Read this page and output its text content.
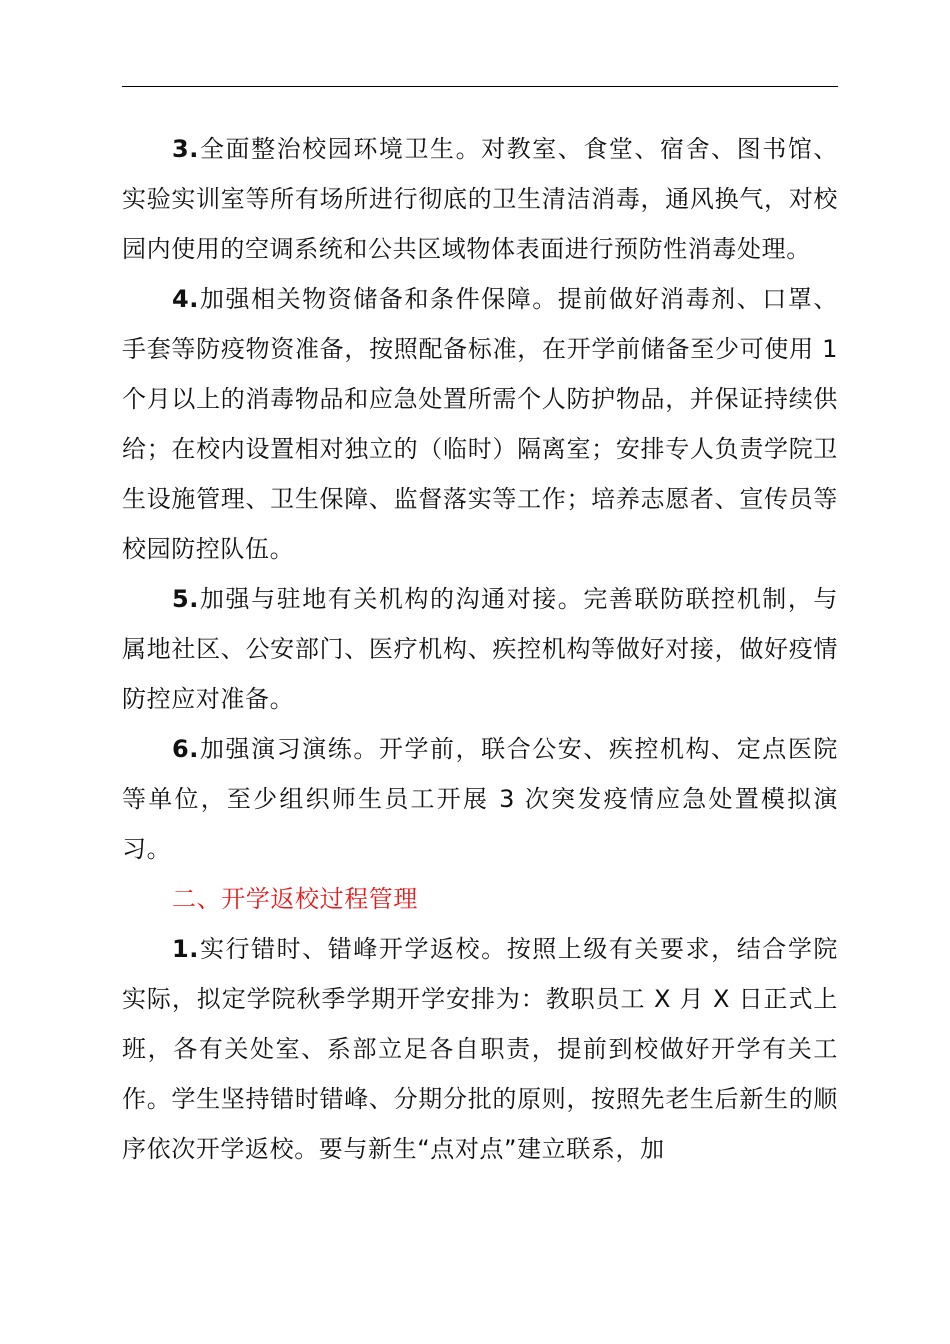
3.全面整治校园环境卫生。对教室、食堂、宿舍、图书馆、实验实训室等所有场所进行彻底的卫生清洁消毒，通风换气，对校园内使用的空调系统和公共区域物体表面进行预防性消毒处理。

4.加强相关物资储备和条件保障。提前做好消毒剂、口罩、手套等防疫物资准备，按照配备标准，在开学前储备至少可使用 1 个月以上的消毒物品和应急处置所需个人防护物品，并保证持续供给；在校内设置相对独立的（临时）隔离室；安排专人负责学院卫生设施管理、卫生保障、监督落实等工作；培养志愿者、宣传员等校园防控队伍。

5.加强与驻地有关机构的沟通对接。完善联防联控机制，与属地社区、公安部门、医疗机构、疾控机构等做好对接，做好疫情防控应对准备。

6.加强演习演练。开学前，联合公安、疾控机构、定点医院等单位，至少组织师生员工开展 3 次突发疫情应急处置模拟演习。

二、开学返校过程管理

1.实行错时、错峰开学返校。按照上级有关要求，结合学院实际，拟定学院秋季学期开学安排为：教职员工 X 月 X 日正式上班，各有关处室、系部立足各自职责，提前到校做好开学有关工作。学生坚持错时错峰、分期分批的原则，按照先老生后新生的顺序依次开学返校。要与新生“点对点”建立联系，加
